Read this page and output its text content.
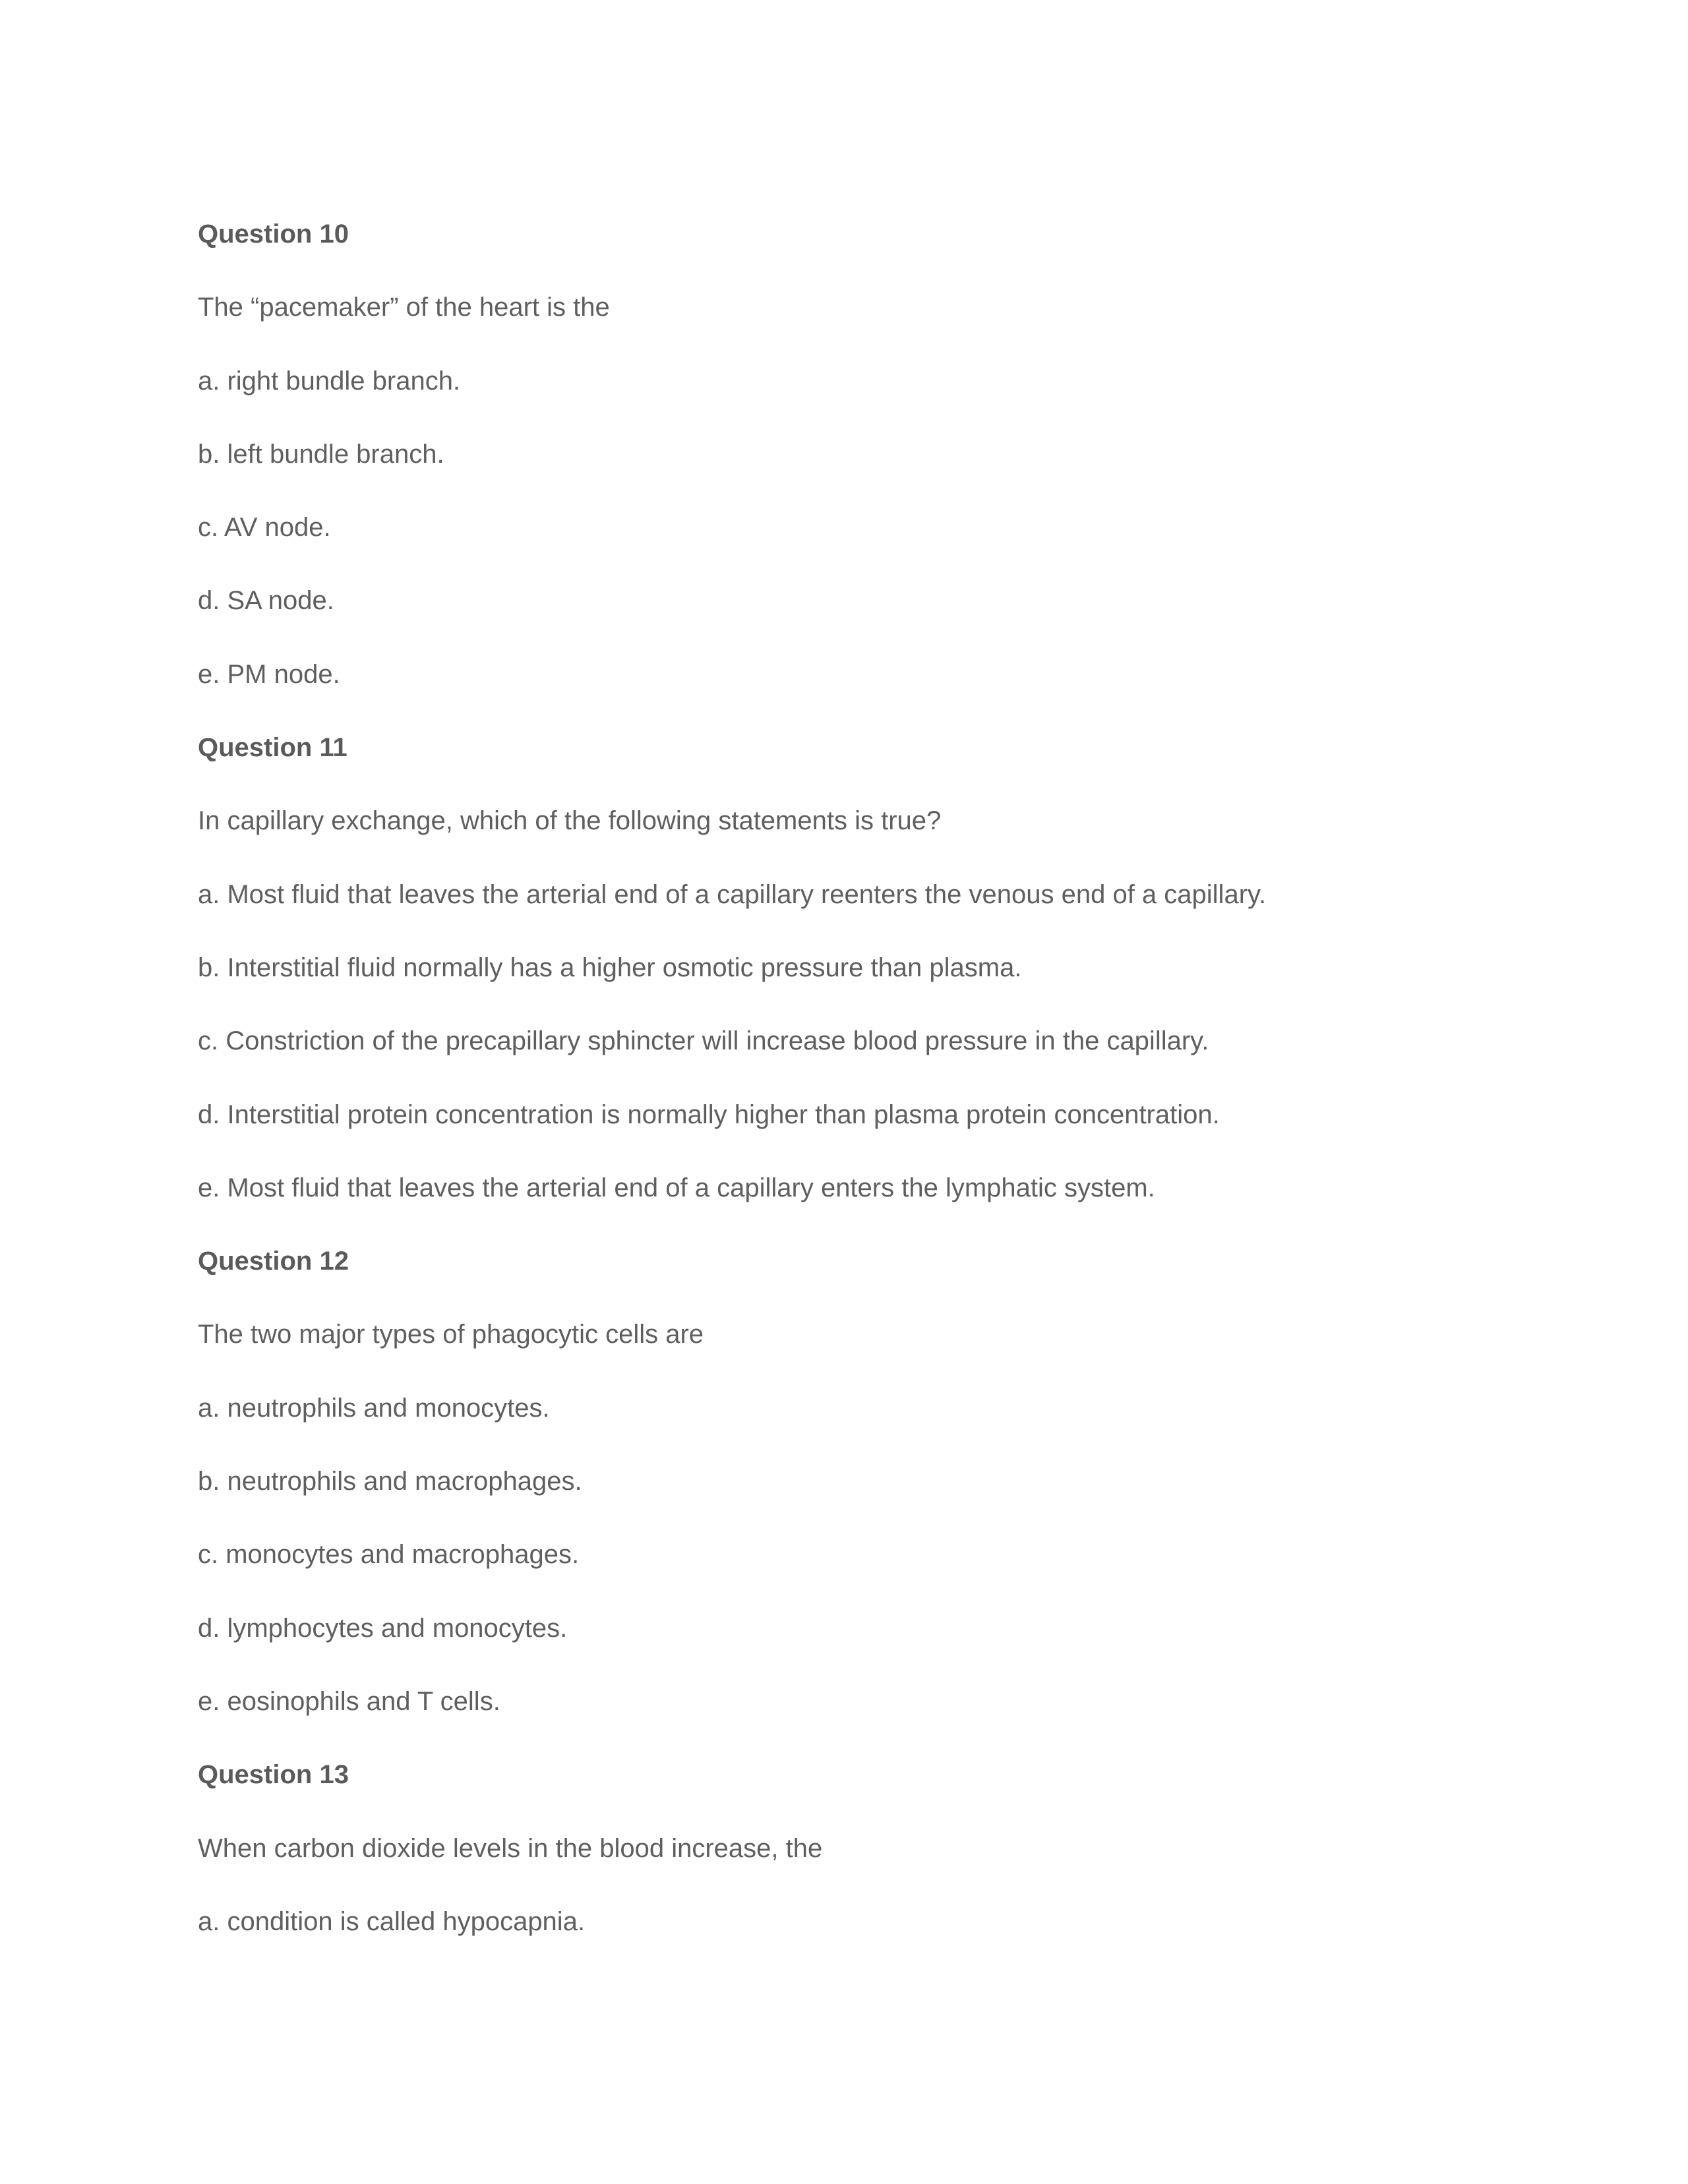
Question 10
The “pacemaker” of the heart is the
a. right bundle branch.
b. left bundle branch.
c. AV node.
d. SA node.
e. PM node.
Question 11
In capillary exchange, which of the following statements is true?
a. Most fluid that leaves the arterial end of a capillary reenters the venous end of a capillary.
b. Interstitial fluid normally has a higher osmotic pressure than plasma.
c. Constriction of the precapillary sphincter will increase blood pressure in the capillary.
d. Interstitial protein concentration is normally higher than plasma protein concentration.
e. Most fluid that leaves the arterial end of a capillary enters the lymphatic system.
Question 12
The two major types of phagocytic cells are
a. neutrophils and monocytes.
b. neutrophils and macrophages.
c. monocytes and macrophages.
d. lymphocytes and monocytes.
e. eosinophils and T cells.
Question 13
When carbon dioxide levels in the blood increase, the
a. condition is called hypocapnia.
